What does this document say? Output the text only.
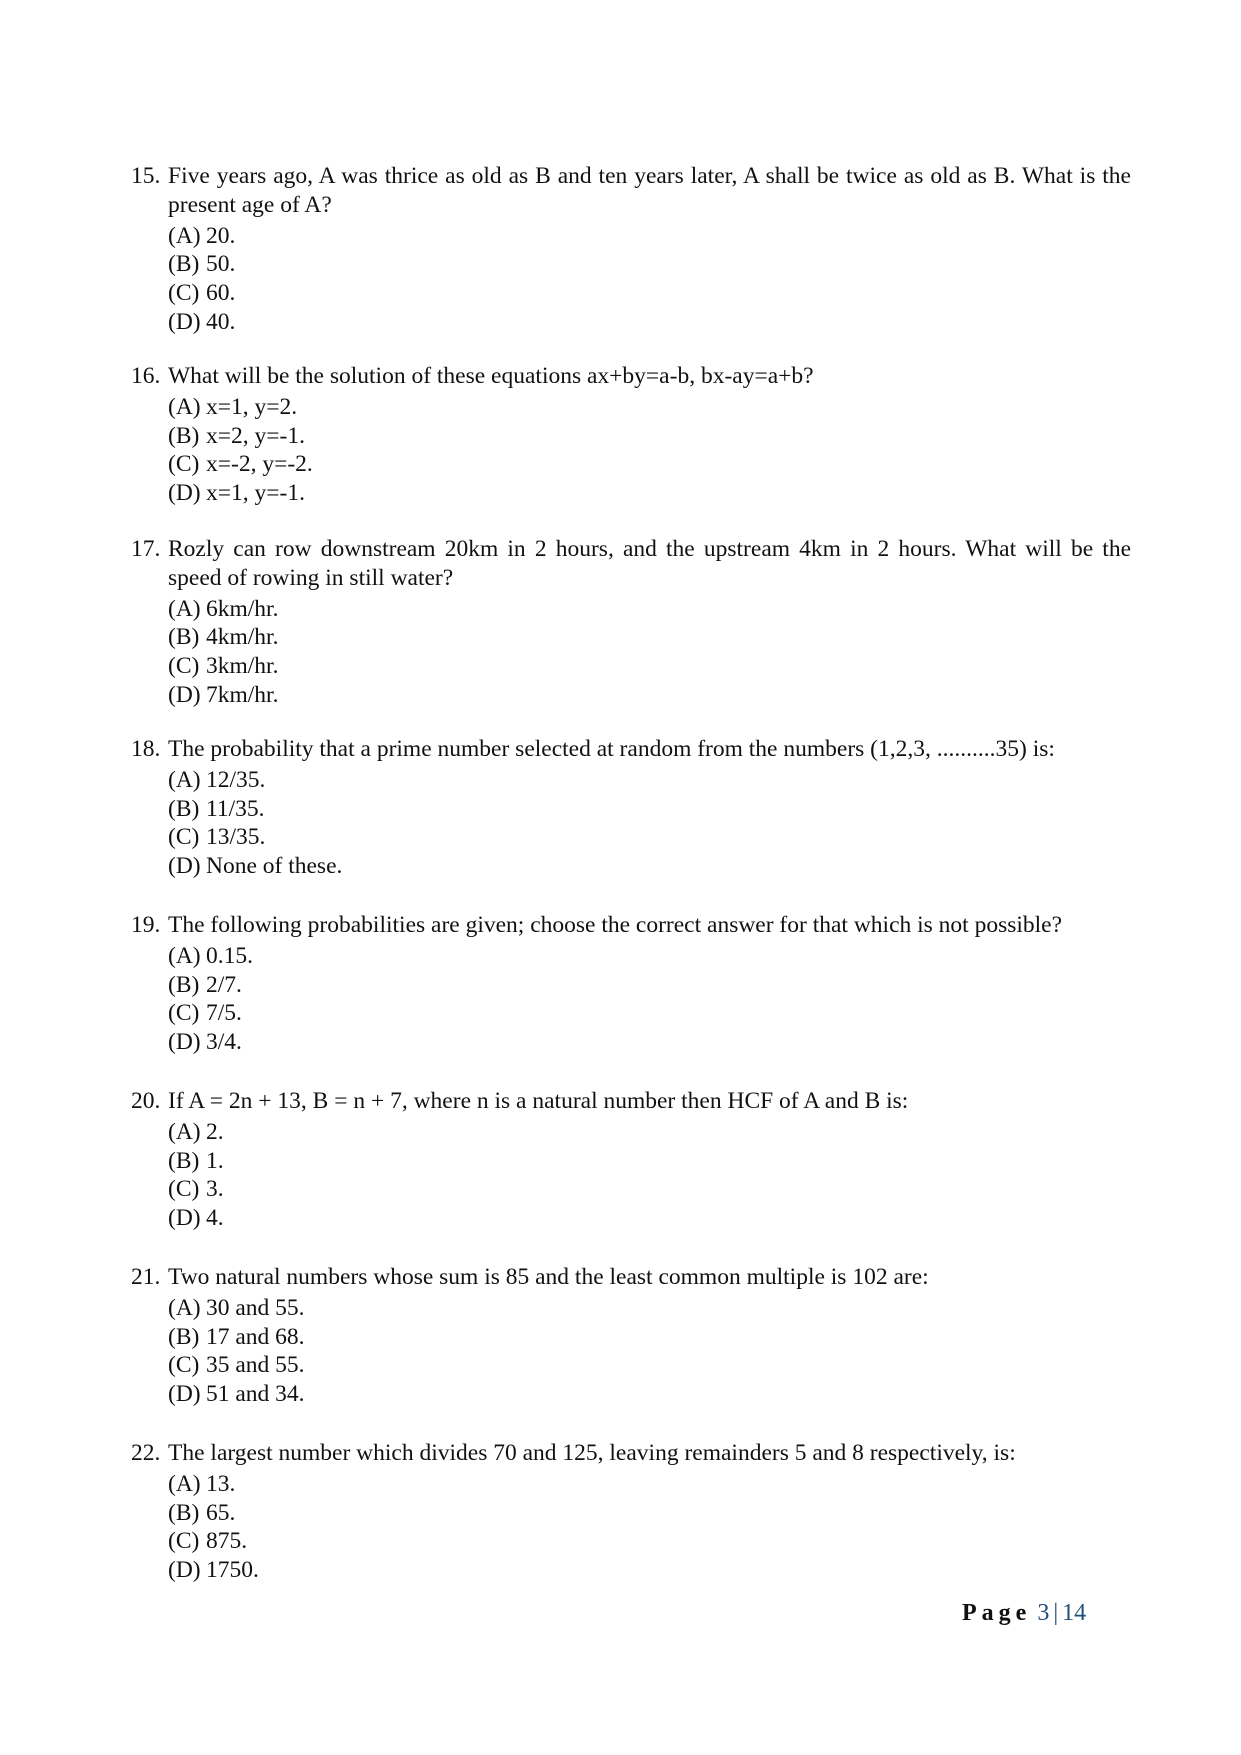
15. Five years ago, A was thrice as old as B and ten years later, A shall be twice as old as B. What is the present age of A?
(A) 20.
(B) 50.
(C) 60.
(D) 40.
16. What will be the solution of these equations ax+by=a-b, bx-ay=a+b?
(A) x=1, y=2.
(B) x=2, y=-1.
(C) x=-2, y=-2.
(D) x=1, y=-1.
17. Rozly can row downstream 20km in 2 hours, and the upstream 4km in 2 hours. What will be the speed of rowing in still water?
(A) 6km/hr.
(B) 4km/hr.
(C) 3km/hr.
(D) 7km/hr.
18. The probability that a prime number selected at random from the numbers (1,2,3, ..........35) is:
(A) 12/35.
(B) 11/35.
(C) 13/35.
(D) None of these.
19. The following probabilities are given; choose the correct answer for that which is not possible?
(A) 0.15.
(B) 2/7.
(C) 7/5.
(D) 3/4.
20. If A = 2n + 13, B = n + 7, where n is a natural number then HCF of A and B is:
(A) 2.
(B) 1.
(C) 3.
(D) 4.
21. Two natural numbers whose sum is 85 and the least common multiple is 102 are:
(A) 30 and 55.
(B) 17 and 68.
(C) 35 and 55.
(D) 51 and 34.
22. The largest number which divides 70 and 125, leaving remainders 5 and 8 respectively, is:
(A) 13.
(B) 65.
(C) 875.
(D) 1750.
Page 3 | 14
